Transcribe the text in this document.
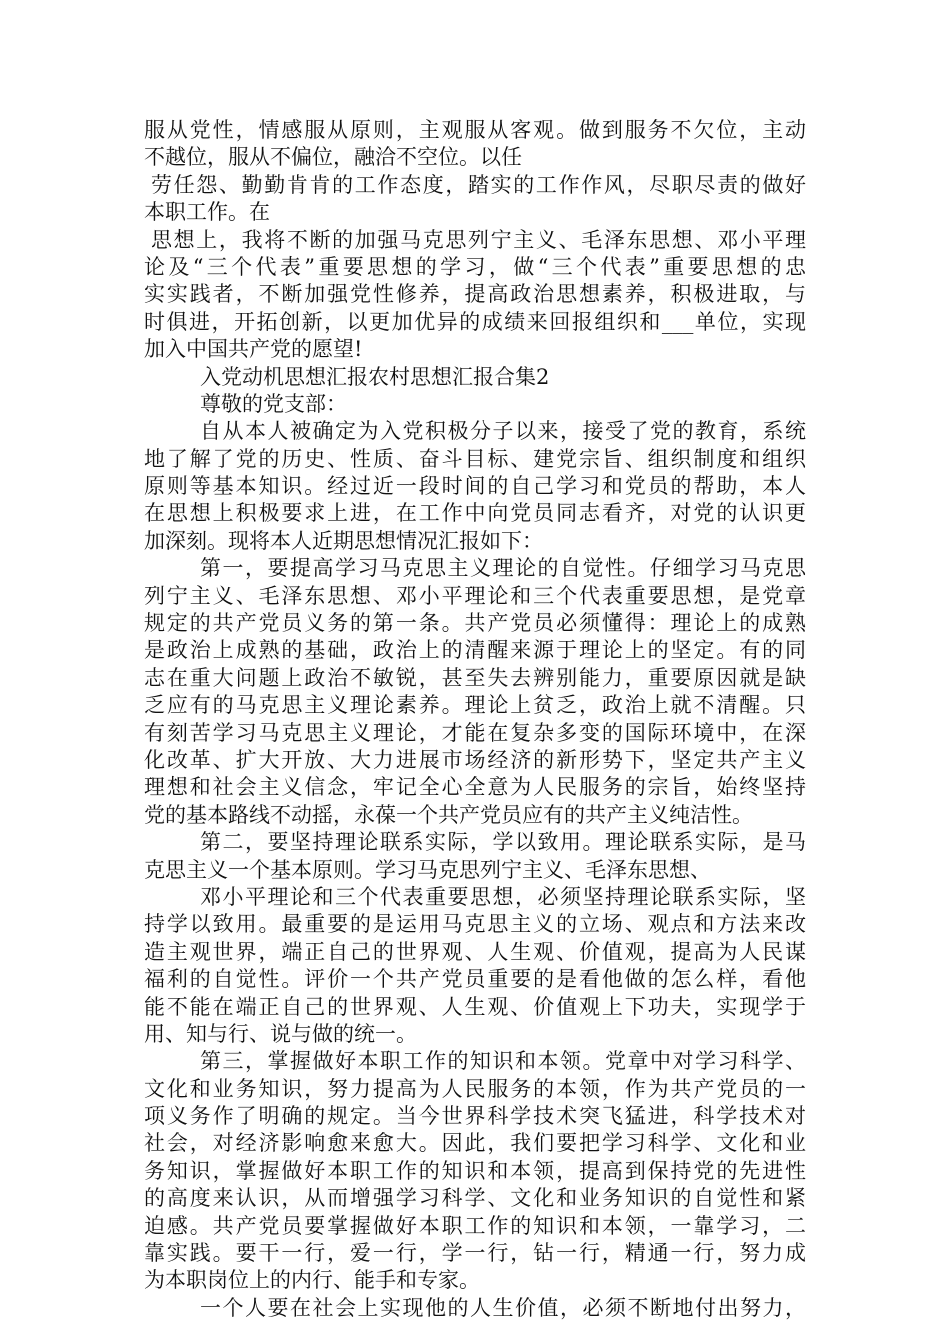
服从党性，情感服从原则，主观服从客观。做到服务不欠位，主动
不越位，服从不偏位，融洽不空位。以任
劳任怨、勤勤肯肯的工作态度，踏实的工作作风，尽职尽责的做好
本职工作。在
思想上，我将不断的加强马克思列宁主义、毛泽东思想、邓小平理
论及“三个代表”重要思想的学习，做“三个代表”重要思想的忠
实实践者，不断加强党性修养，提高政治思想素养，积极进取，与
时俱进，开拓创新，以更加优异的成绩来回报组织和___单位，实现
加入中国共产党的愿望!
入党动机思想汇报农村思想汇报合集2
尊敬的党支部：
自从本人被确定为入党积极分子以来，接受了党的教育，系统
地了解了党的历史、性质、奋斗目标、建党宗旨、组织制度和组织
原则等基本知识。经过近一段时间的自己学习和党员的帮助，本人
在思想上积极要求上进，在工作中向党员同志看齐，对党的认识更
加深刻。现将本人近期思想情况汇报如下：
第一，要提高学习马克思主义理论的自觉性。仔细学习马克思
列宁主义、毛泽东思想、邓小平理论和三个代表重要思想，是党章
规定的共产党员义务的第一条。共产党员必须懂得：理论上的成熟
是政治上成熟的基础，政治上的清醒来源于理论上的坚定。有的同
志在重大问题上政治不敏锐，甚至失去辨别能力，重要原因就是缺
乏应有的马克思主义理论素养。理论上贫乏，政治上就不清醒。只
有刻苦学习马克思主义理论，才能在复杂多变的国际环境中，在深
化改革、扩大开放、大力进展市场经济的新形势下，坚定共产主义
理想和社会主义信念，牢记全心全意为人民服务的宗旨，始终坚持
党的基本路线不动摇，永葆一个共产党员应有的共产主义纯洁性。
第二，要坚持理论联系实际，学以致用。理论联系实际，是马
克思主义一个基本原则。学习马克思列宁主义、毛泽东思想、
邓小平理论和三个代表重要思想，必须坚持理论联系实际，坚
持学以致用。最重要的是运用马克思主义的立场、观点和方法来改
造主观世界，端正自己的世界观、人生观、价值观，提高为人民谋
福利的自觉性。评价一个共产党员重要的是看他做的怎么样，看他
能不能在端正自己的世界观、人生观、价值观上下功夫，实现学于
用、知与行、说与做的统一。
第三，掌握做好本职工作的知识和本领。党章中对学习科学、
文化和业务知识，努力提高为人民服务的本领，作为共产党员的一
项义务作了明确的规定。当今世界科学技术突飞猛进，科学技术对
社会，对经济影响愈来愈大。因此，我们要把学习科学、文化和业
务知识，掌握做好本职工作的知识和本领，提高到保持党的先进性
的高度来认识，从而增强学习科学、文化和业务知识的自觉性和紧
迫感。共产党员要掌握做好本职工作的知识和本领，一靠学习，二
靠实践。要干一行，爱一行，学一行，钻一行，精通一行，努力成
为本职岗位上的内行、能手和专家。
一个人要在社会上实现他的人生价值，必须不断地付出努力，
